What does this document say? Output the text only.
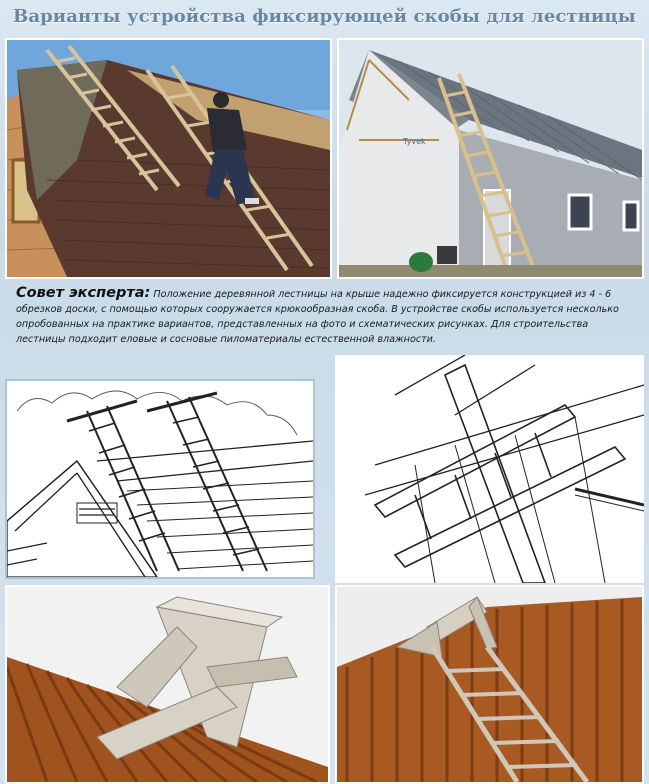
Варианты устройства фиксирующей скобы для лестницы
Tyvek
Совет эксперта: Положение деревянной лестницы на крыше надежно фиксируется конструкцией из 4 - 6 обрезков доски, с помощью которых сооружается крюкообразная скоба. В устройстве скобы используется несколько опробованных на практике вариантов, представленных на фото и схематических рисунках. Для строительства лестницы подходит еловые и сосновые пиломатериалы естественной влажности.
